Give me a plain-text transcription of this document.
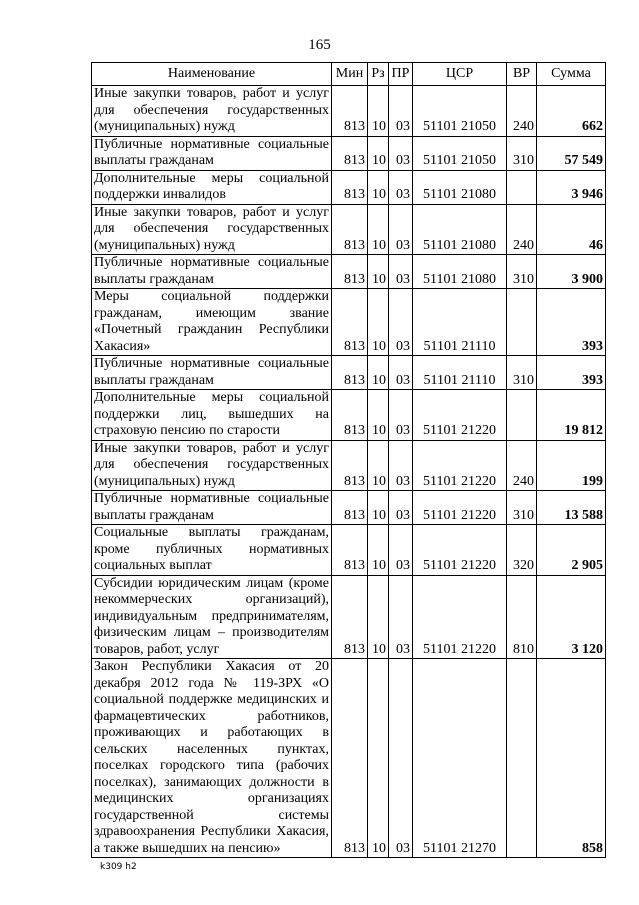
165
Наименование	Мин	Рз	ПР	ЦСР	ВР	Сумма
Иные закупки товаров, работ и услуг для обеспечения государственных (муниципальных) нужд	813	10	03	51101 21050	240	662
Публичные нормативные социальные выплаты гражданам	813	10	03	51101 21050	310	57 549
Дополнительные меры социальной поддержки инвалидов	813	10	03	51101 21080		3 946
Иные закупки товаров, работ и услуг для обеспечения государственных (муниципальных) нужд	813	10	03	51101 21080	240	46
Публичные нормативные социальные выплаты гражданам	813	10	03	51101 21080	310	3 900
Меры социальной поддержки гражданам, имеющим звание «Почетный гражданин Республики Хакасия»	813	10	03	51101 21110		393
Публичные нормативные социальные выплаты гражданам	813	10	03	51101 21110	310	393
Дополнительные меры социальной поддержки лиц, вышедших на страховую пенсию по старости	813	10	03	51101 21220		19 812
Иные закупки товаров, работ и услуг для обеспечения государственных (муниципальных) нужд	813	10	03	51101 21220	240	199
Публичные нормативные социальные выплаты гражданам	813	10	03	51101 21220	310	13 588
Социальные выплаты гражданам, кроме публичных нормативных социальных выплат	813	10	03	51101 21220	320	2 905
Субсидии юридическим лицам (кроме некоммерческих организаций), индивидуальным предпринимателям, физическим лицам – производителям товаров, работ, услуг	813	10	03	51101 21220	810	3 120
Закон Республики Хакасия от 20 декабря 2012 года № 119-ЗРХ «О социальной поддержке медицинских и фармацевтических работников, проживающих и работающих в сельских населенных пунктах, поселках городского типа (рабочих поселках), занимающих должности в медицинских организациях государственной системы здравоохранения Республики Хакасия, а также вышедших на пенсию»	813	10	03	51101 21270		858
k309 h2
